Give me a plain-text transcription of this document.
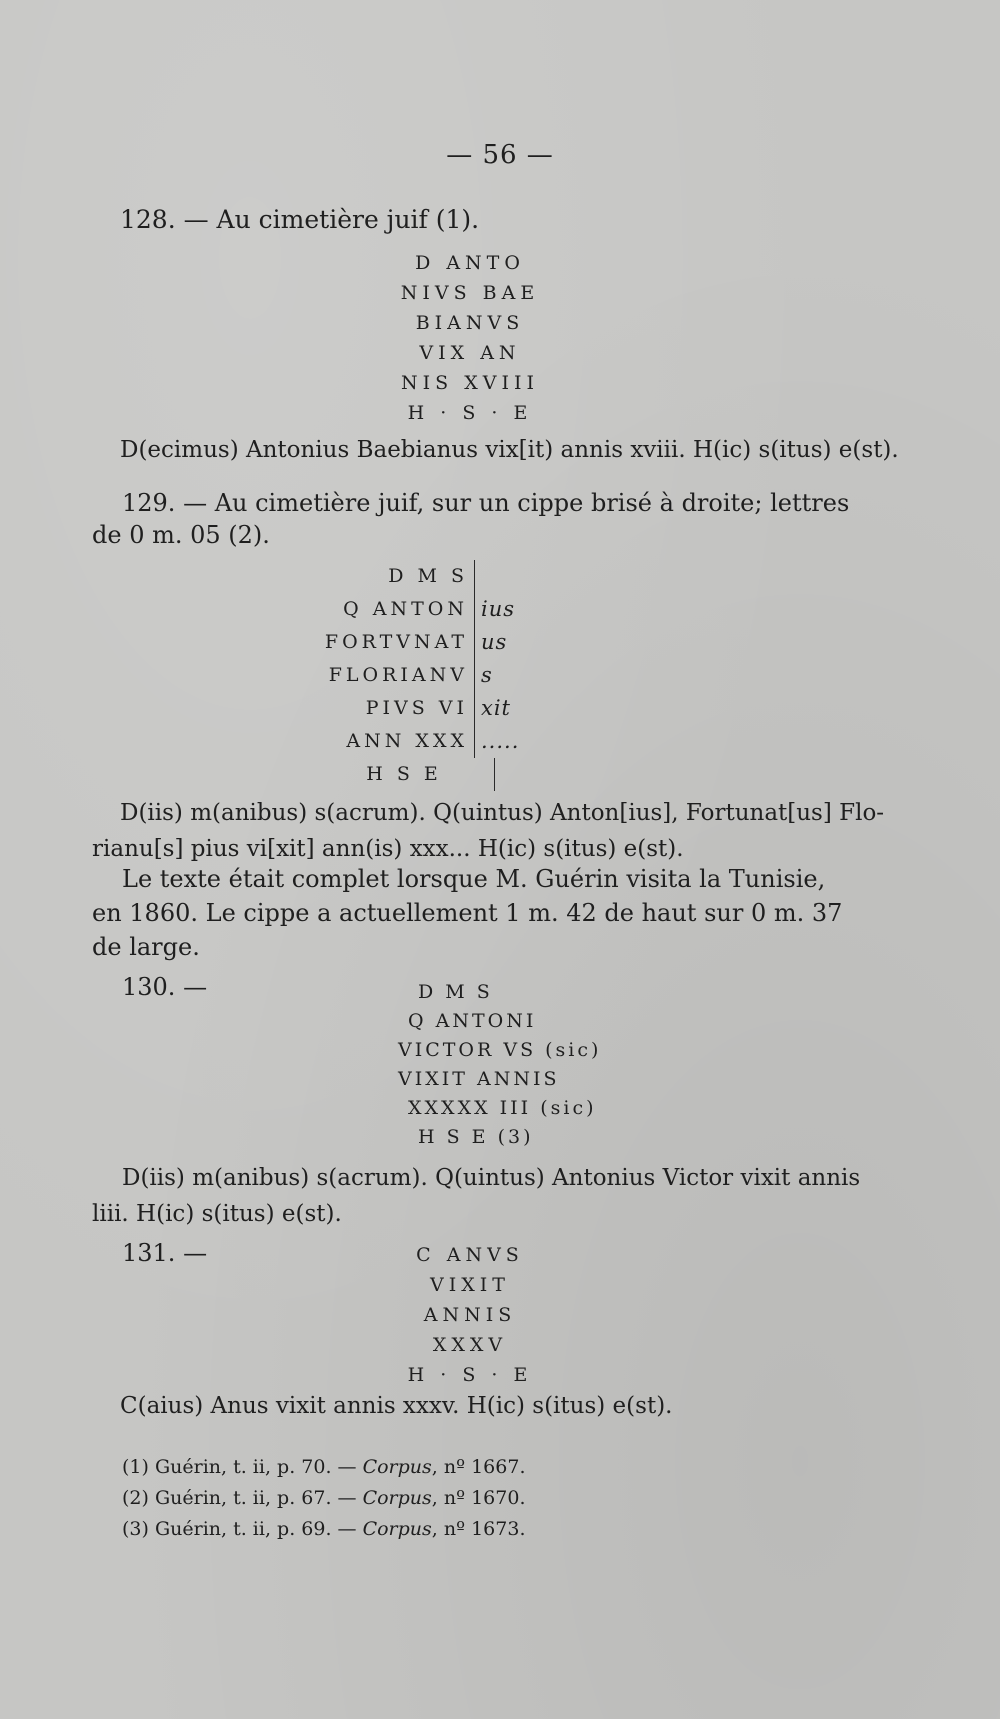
— 56 —
128. — Au cimetière juif (1).
D ANTO
NIVS BAE
BIANVS
VIX AN
NIS XVIII
H · S · E
D(ecimus) Antonius Baebianus vix[it) annis xviii. H(ic) s(itus) e(st).
129. — Au cimetière juif, sur un cippe brisé à droite; lettres
de 0 m. 05 (2).
D M S
Q ANTON ius
FORTVNAT us
FLORIANV s
PIVS VI xit
ANN XXX .....
H S E
D(iis) m(anibus) s(acrum). Q(uintus) Anton[ius], Fortunat[us] Flo-
rianu[s] pius vi[xit] ann(is) xxx... H(ic) s(itus) e(st).
Le texte était complet lorsque M. Guérin visita la Tunisie,
en 1860. Le cippe a actuellement 1 m. 42 de haut sur 0 m. 37
de large.
130. —	D M S
Q ANTONI
VICTOR VS (sic)
VIXIT ANNIS
XXXXX III (sic)
H S E (3)
D(iis) m(anibus) s(acrum). Q(uintus) Antonius Victor vixit annis
liii. H(ic) s(itus) e(st).
131. —	C ANVS
VIXIT
ANNIS
XXXV
H · S · E
C(aius) Anus vixit annis xxxv. H(ic) s(itus) e(st).
(1) Guérin, t. ii, p. 70. — Corpus, nº 1667.
(2) Guérin, t. ii, p. 67. — Corpus, nº 1670.
(3) Guérin, t. ii, p. 69. — Corpus, nº 1673.
